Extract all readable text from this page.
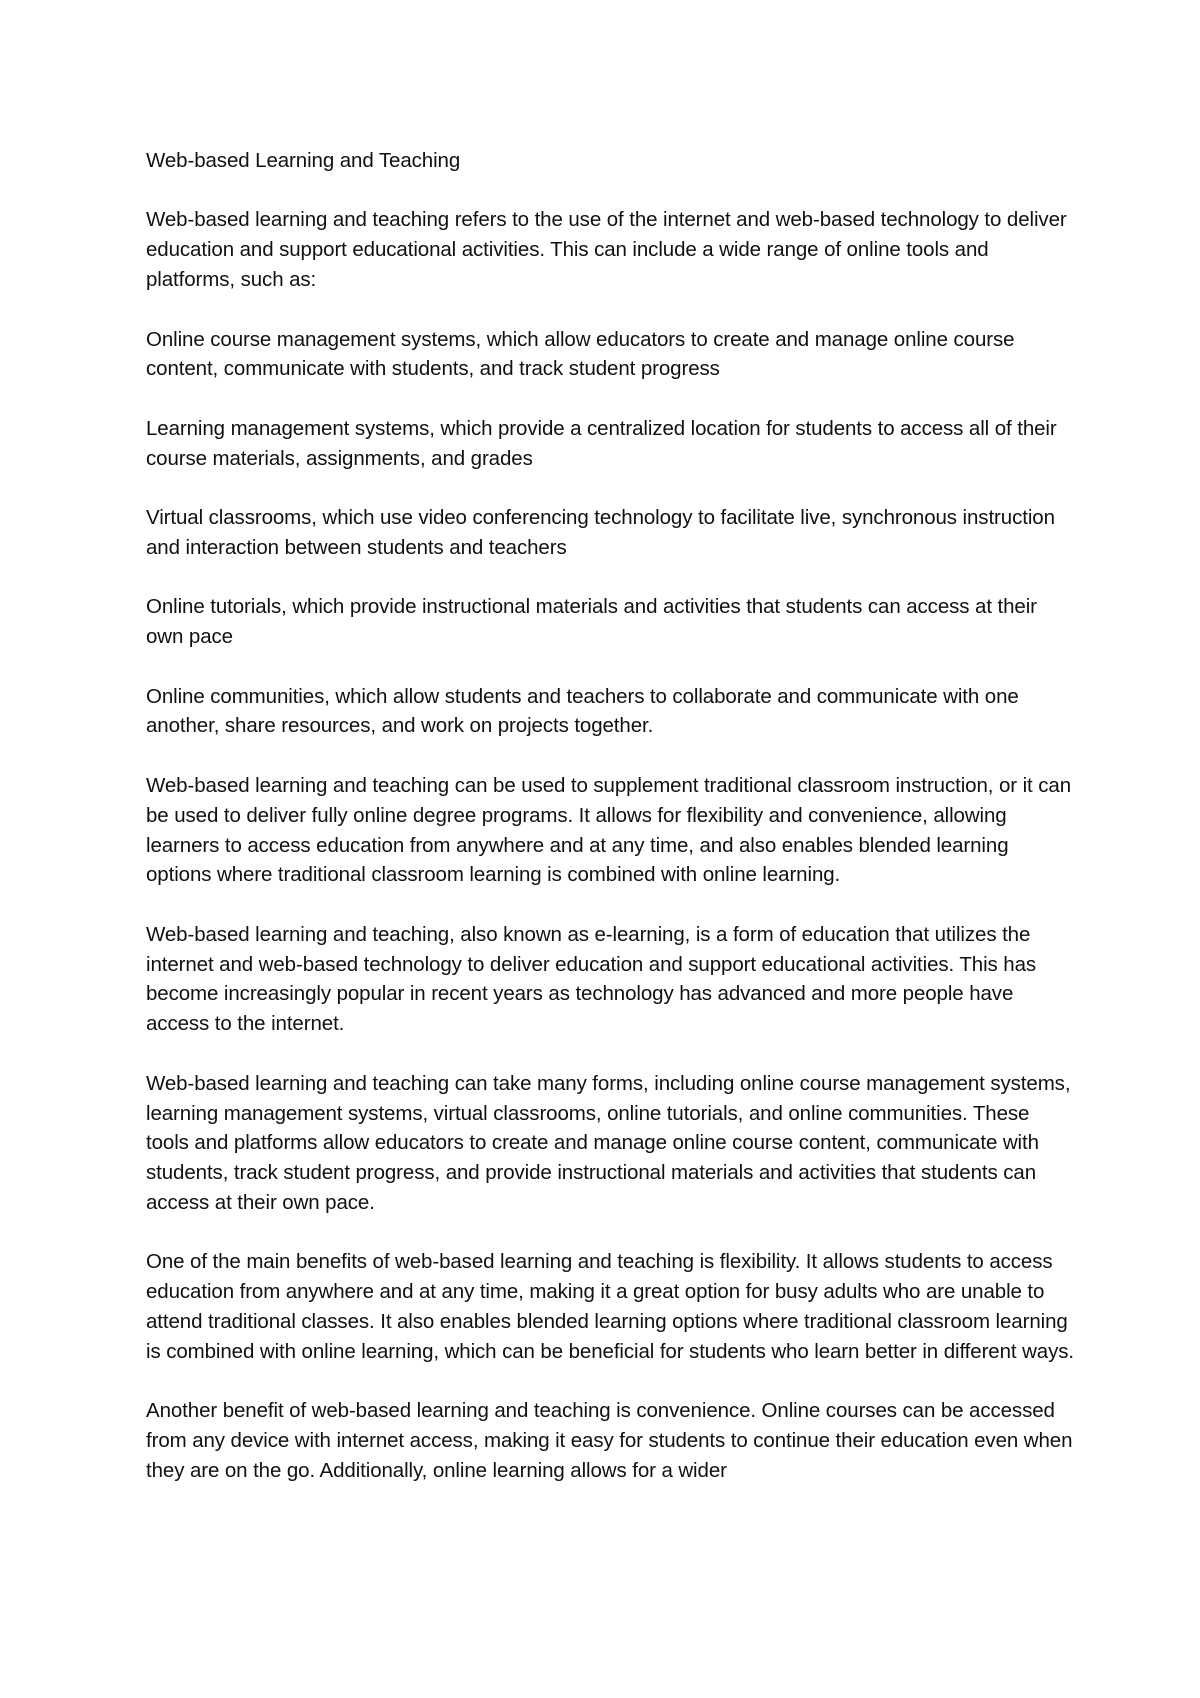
Web-based Learning and Teaching

Web-based learning and teaching refers to the use of the internet and web-based technology to deliver education and support educational activities. This can include a wide range of online tools and platforms, such as:

Online course management systems, which allow educators to create and manage online course content, communicate with students, and track student progress

Learning management systems, which provide a centralized location for students to access all of their course materials, assignments, and grades

Virtual classrooms, which use video conferencing technology to facilitate live, synchronous instruction and interaction between students and teachers

Online tutorials, which provide instructional materials and activities that students can access at their own pace

Online communities, which allow students and teachers to collaborate and communicate with one another, share resources, and work on projects together.

Web-based learning and teaching can be used to supplement traditional classroom instruction, or it can be used to deliver fully online degree programs. It allows for flexibility and convenience, allowing learners to access education from anywhere and at any time, and also enables blended learning options where traditional classroom learning is combined with online learning.

Web-based learning and teaching, also known as e-learning, is a form of education that utilizes the internet and web-based technology to deliver education and support educational activities. This has become increasingly popular in recent years as technology has advanced and more people have access to the internet.

Web-based learning and teaching can take many forms, including online course management systems, learning management systems, virtual classrooms, online tutorials, and online communities. These tools and platforms allow educators to create and manage online course content, communicate with students, track student progress, and provide instructional materials and activities that students can access at their own pace.

One of the main benefits of web-based learning and teaching is flexibility. It allows students to access education from anywhere and at any time, making it a great option for busy adults who are unable to attend traditional classes. It also enables blended learning options where traditional classroom learning is combined with online learning, which can be beneficial for students who learn better in different ways.

Another benefit of web-based learning and teaching is convenience. Online courses can be accessed from any device with internet access, making it easy for students to continue their education even when they are on the go. Additionally, online learning allows for a wider
